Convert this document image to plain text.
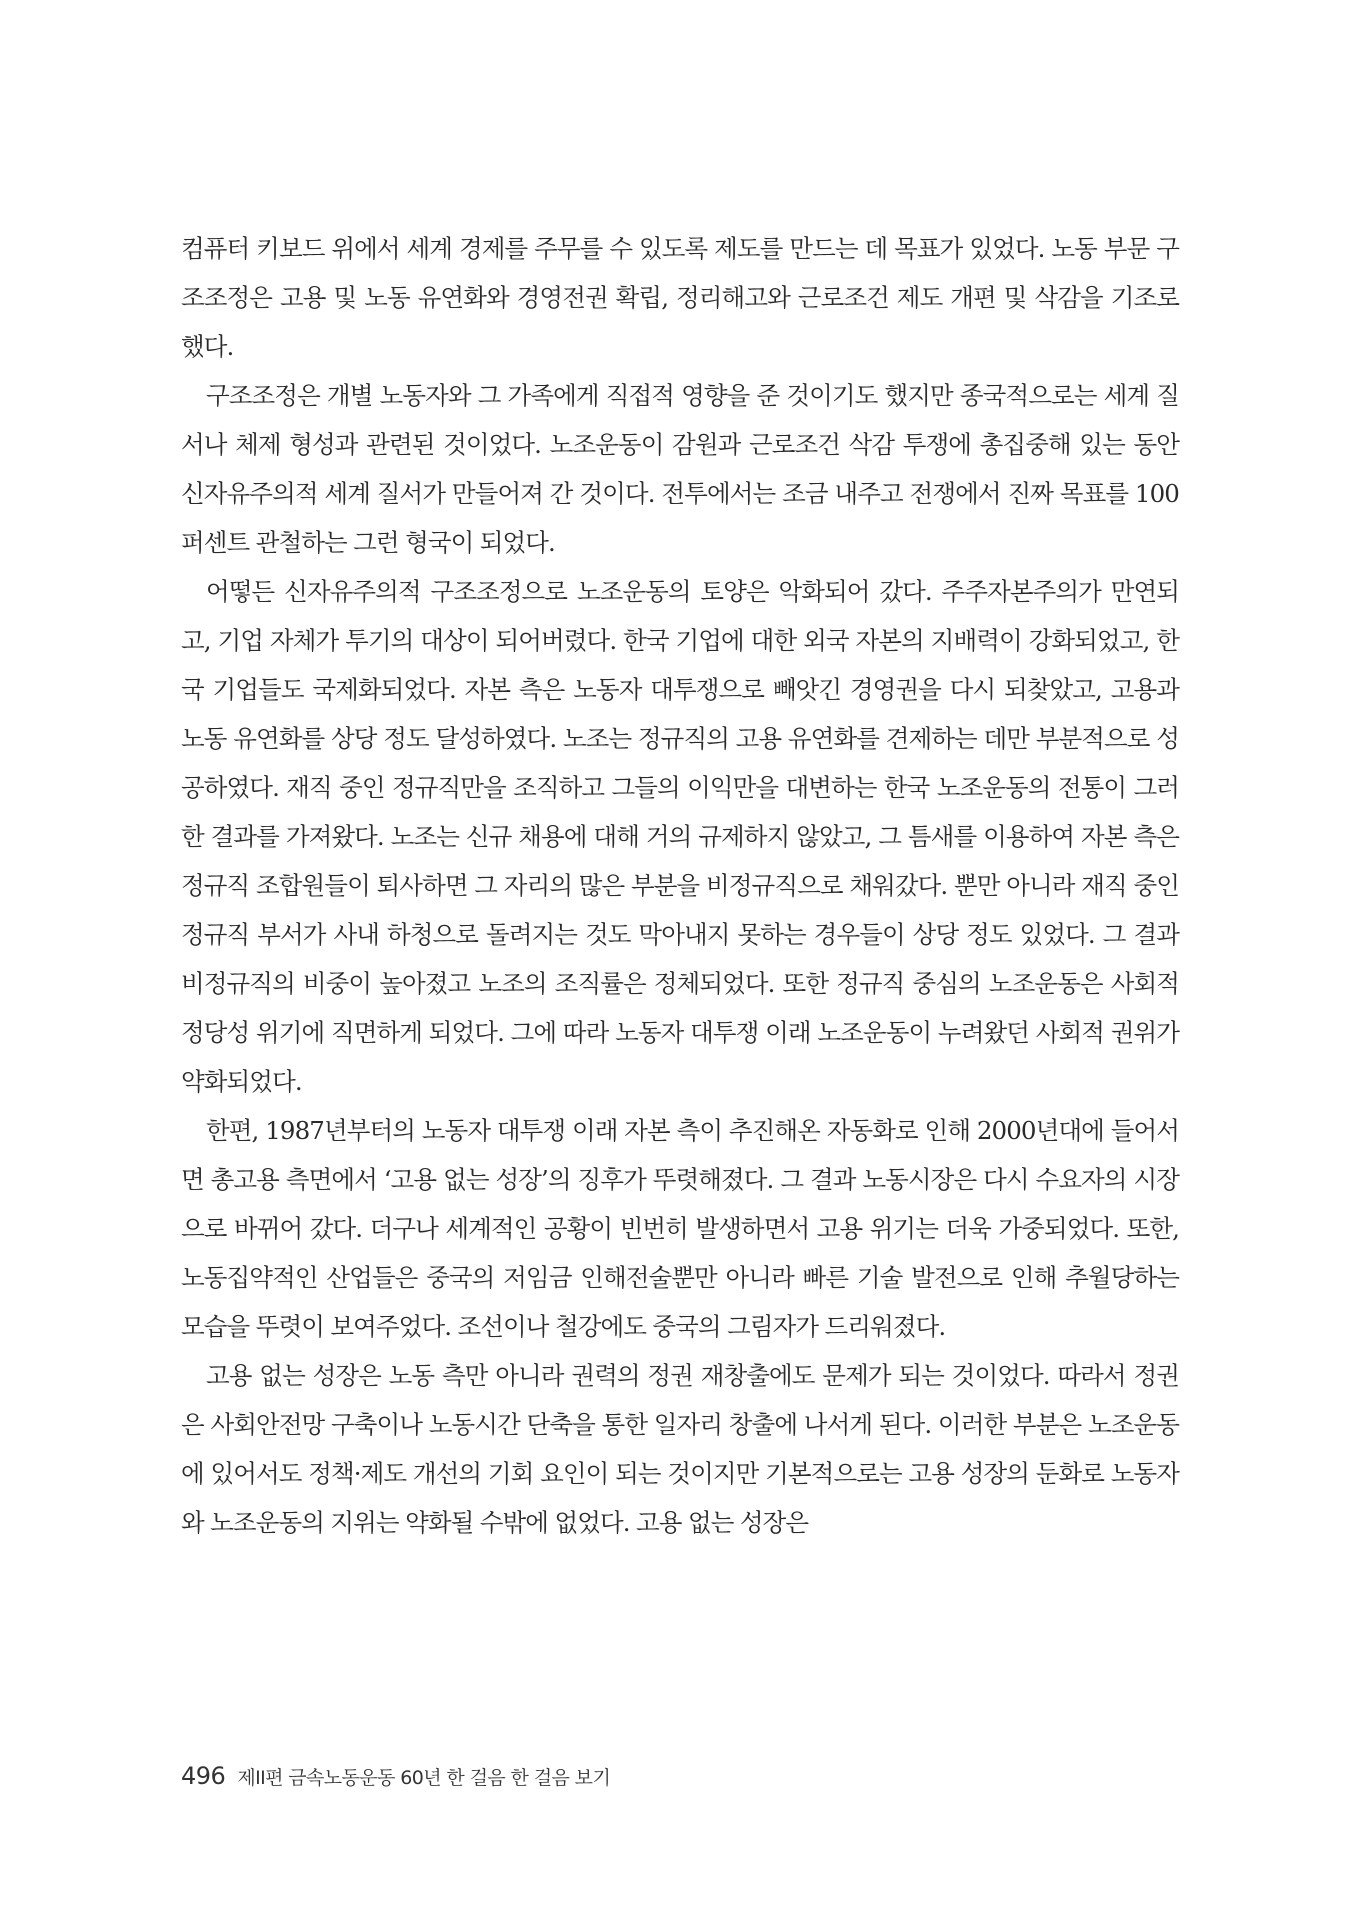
컴퓨터 키보드 위에서 세계 경제를 주무를 수 있도록 제도를 만드는 데 목표가 있었다. 노동 부문 구조조정은 고용 및 노동 유연화와 경영전권 확립, 정리해고와 근로조건 제도 개편 및 삭감을 기조로 했다.

구조조정은 개별 노동자와 그 가족에게 직접적 영향을 준 것이기도 했지만 종국적으로는 세계 질서나 체제 형성과 관련된 것이었다. 노조운동이 감원과 근로조건 삭감 투쟁에 총집중해 있는 동안 신자유주의적 세계 질서가 만들어져 간 것이다. 전투에서는 조금 내주고 전쟁에서 진짜 목표를 100퍼센트 관철하는 그런 형국이 되었다.

어떻든 신자유주의적 구조조정으로 노조운동의 토양은 악화되어 갔다. 주주자본주의가 만연되고, 기업 자체가 투기의 대상이 되어버렸다. 한국 기업에 대한 외국 자본의 지배력이 강화되었고, 한국 기업들도 국제화되었다. 자본 측은 노동자 대투쟁으로 빼앗긴 경영권을 다시 되찾았고, 고용과 노동 유연화를 상당 정도 달성하였다. 노조는 정규직의 고용 유연화를 견제하는 데만 부분적으로 성공하였다. 재직 중인 정규직만을 조직하고 그들의 이익만을 대변하는 한국 노조운동의 전통이 그러한 결과를 가져왔다. 노조는 신규 채용에 대해 거의 규제하지 않았고, 그 틈새를 이용하여 자본 측은 정규직 조합원들이 퇴사하면 그 자리의 많은 부분을 비정규직으로 채워갔다. 뿐만 아니라 재직 중인 정규직 부서가 사내 하청으로 돌려지는 것도 막아내지 못하는 경우들이 상당 정도 있었다. 그 결과 비정규직의 비중이 높아졌고 노조의 조직률은 정체되었다. 또한 정규직 중심의 노조운동은 사회적 정당성 위기에 직면하게 되었다. 그에 따라 노동자 대투쟁 이래 노조운동이 누려왔던 사회적 권위가 약화되었다.

한편, 1987년부터의 노동자 대투쟁 이래 자본 측이 추진해온 자동화로 인해 2000년대에 들어서면 총고용 측면에서 ‘고용 없는 성장’의 징후가 뚜렷해졌다. 그 결과 노동시장은 다시 수요자의 시장으로 바뀌어 갔다. 더구나 세계적인 공황이 빈번히 발생하면서 고용 위기는 더욱 가중되었다. 또한, 노동집약적인 산업들은 중국의 저임금 인해전술뿐만 아니라 빠른 기술 발전으로 인해 추월당하는 모습을 뚜렷이 보여주었다. 조선이나 철강에도 중국의 그림자가 드리워졌다.

고용 없는 성장은 노동 측만 아니라 권력의 정권 재창출에도 문제가 되는 것이었다. 따라서 정권은 사회안전망 구축이나 노동시간 단축을 통한 일자리 창출에 나서게 된다. 이러한 부분은 노조운동에 있어서도 정책·제도 개선의 기회 요인이 되는 것이지만 기본적으로는 고용 성장의 둔화로 노동자와 노조운동의 지위는 약화될 수밖에 없었다. 고용 없는 성장은

496 제II편 금속노동운동 60년 한 걸음 한 걸음 보기
